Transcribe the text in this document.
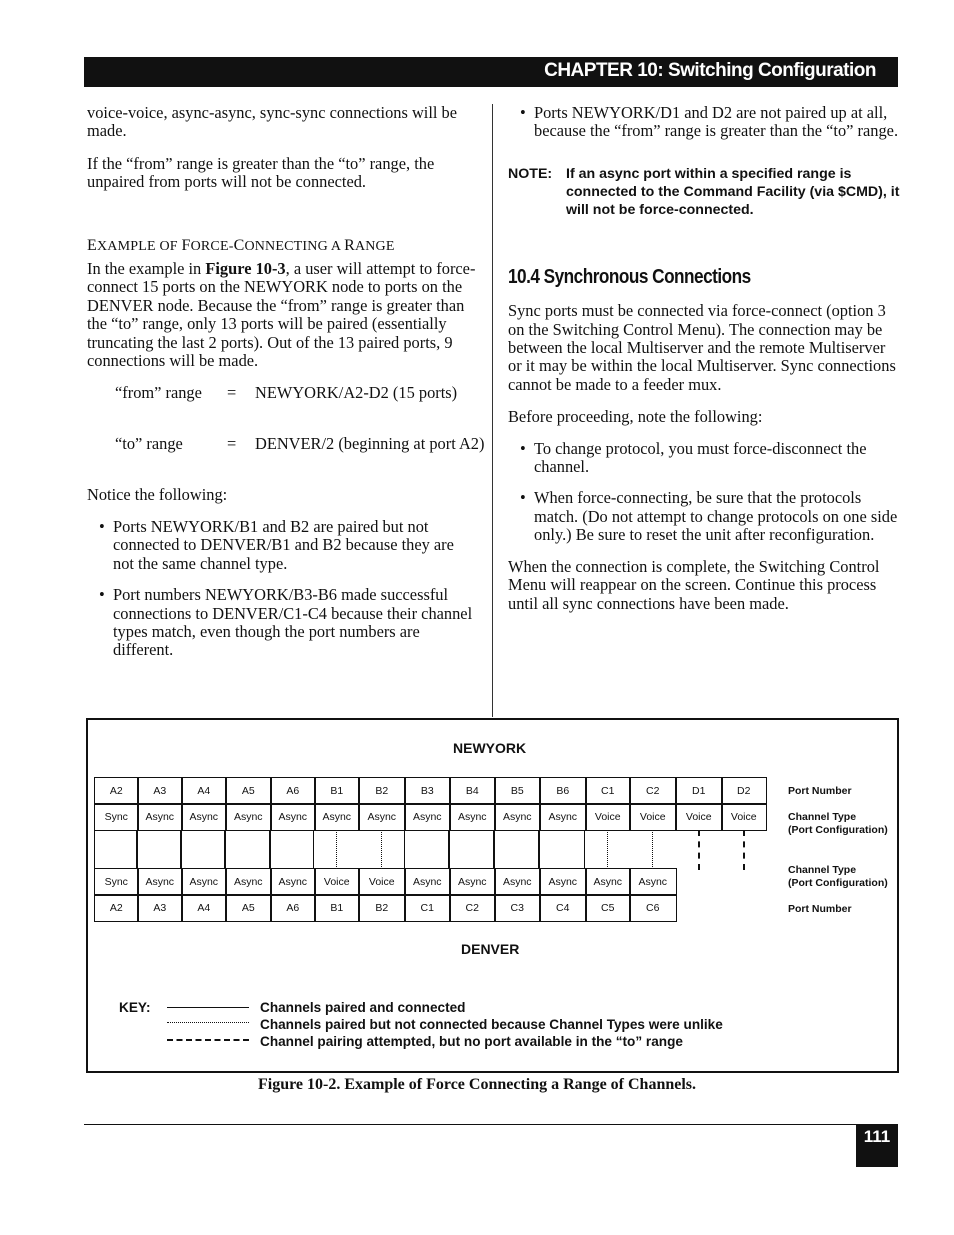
CHAPTER 10: Switching Configuration

voice-voice, async-async, sync-sync connections will be made.

If the “from” range is greater than the “to” range, the unpaired from ports will not be connected.

EXAMPLE OF FORCE-CONNECTING A RANGE

In the example in Figure 10-3, a user will attempt to force-connect 15 ports on the NEWYORK node to ports on the DENVER node. Because the “from” range is greater than the “to” range, only 13 ports will be paired (essentially truncating the last 2 ports). Out of the 13 paired ports, 9 connections will be made.

“from” range = NEWYORK/A2-D2 (15 ports)
“to” range	= DENVER/2 (beginning at port A2)

Notice the following:

• Ports NEWYORK/B1 and B2 are paired but not connected to DENVER/B1 and B2 because they are not the same channel type.
• Port numbers NEWYORK/B3-B6 made successful connections to DENVER/C1-C4 because their channel types match, even though the port numbers are different.
• Ports NEWYORK/D1 and D2 are not paired up at all, because the “from” range is greater than the “to” range.
NOTE: If an async port within a specified range is connected to the Command Facility (via $CMD), it will not be force-connected.
10.4 Synchronous Connections

Sync ports must be connected via force-connect (option 3 on the Switching Control Menu). The connection may be between the local Multiserver and the remote Multiserver or it may be within the local Multiserver. Sync connections cannot be made to a feeder mux.

Before proceeding, note the following:

• To change protocol, you must force-disconnect the channel.
• When force-connecting, be sure that the protocols match. (Do not attempt to change protocols on one side only.) Be sure to reset the unit after reconfiguration.

When the connection is complete, the Switching Control Menu will reappear on the screen. Continue this process until all sync connections have been made.

NEWYORK
A2	A3	A4	A5	A6	B1	B2	B3	B4	B5	B6	C1	C2	D1	D2
Sync	Async	Async	Async	Async	Async	Async	Async	Async	Async	Async	Voice	Voice	Voice	Voice
Sync	Async	Async	Async	Async	Voice	Voice	Async	Async	Async	Async	Async	Async
A2	A3	A4	A5	A6	B1	B2	C1	C2	C3	C4	C5	C6
Port Number
Channel Type
(Port Configuration)
Channel Type
(Port Configuration)
Port Number
DENVER
KEY:	Channels paired and connected
Channels paired but not connected because Channel Types were unlike
Channel pairing attempted, but no port available in the “to” range
Figure 10-2. Example of Force Connecting a Range of Channels.
111
